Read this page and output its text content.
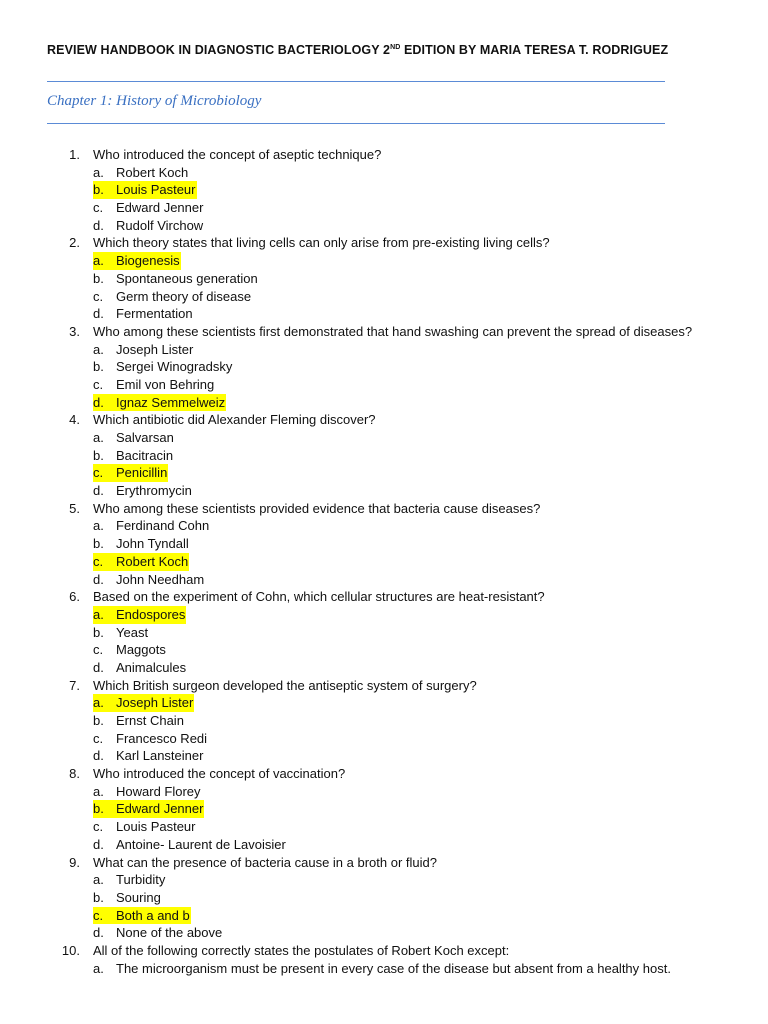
REVIEW HANDBOOK IN DIAGNOSTIC BACTERIOLOGY 2ND EDITION BY MARIA TERESA T. RODRIGUEZ
Chapter 1: History of Microbiology
1. Who introduced the concept of aseptic technique?
a. Robert Koch
b. Louis Pasteur
c. Edward Jenner
d. Rudolf Virchow
2. Which theory states that living cells can only arise from pre-existing living cells?
a. Biogenesis
b. Spontaneous generation
c. Germ theory of disease
d. Fermentation
3. Who among these scientists first demonstrated that hand swashing can prevent the spread of diseases?
a. Joseph Lister
b. Sergei Winogradsky
c. Emil von Behring
d. Ignaz Semmelweiz
4. Which antibiotic did Alexander Fleming discover?
a. Salvarsan
b. Bacitracin
c. Penicillin
d. Erythromycin
5. Who among these scientists provided evidence that bacteria cause diseases?
a. Ferdinand Cohn
b. John Tyndall
c. Robert Koch
d. John Needham
6. Based on the experiment of Cohn, which cellular structures are heat-resistant?
a. Endospores
b. Yeast
c. Maggots
d. Animalcules
7. Which British surgeon developed the antiseptic system of surgery?
a. Joseph Lister
b. Ernst Chain
c. Francesco Redi
d. Karl Lansteiner
8. Who introduced the concept of vaccination?
a. Howard Florey
b. Edward Jenner
c. Louis Pasteur
d. Antoine- Laurent de Lavoisier
9. What can the presence of bacteria cause in a broth or fluid?
a. Turbidity
b. Souring
c. Both a and b
d. None of the above
10. All of the following correctly states the postulates of Robert Koch except:
a. The microorganism must be present in every case of the disease but absent from a healthy host.
